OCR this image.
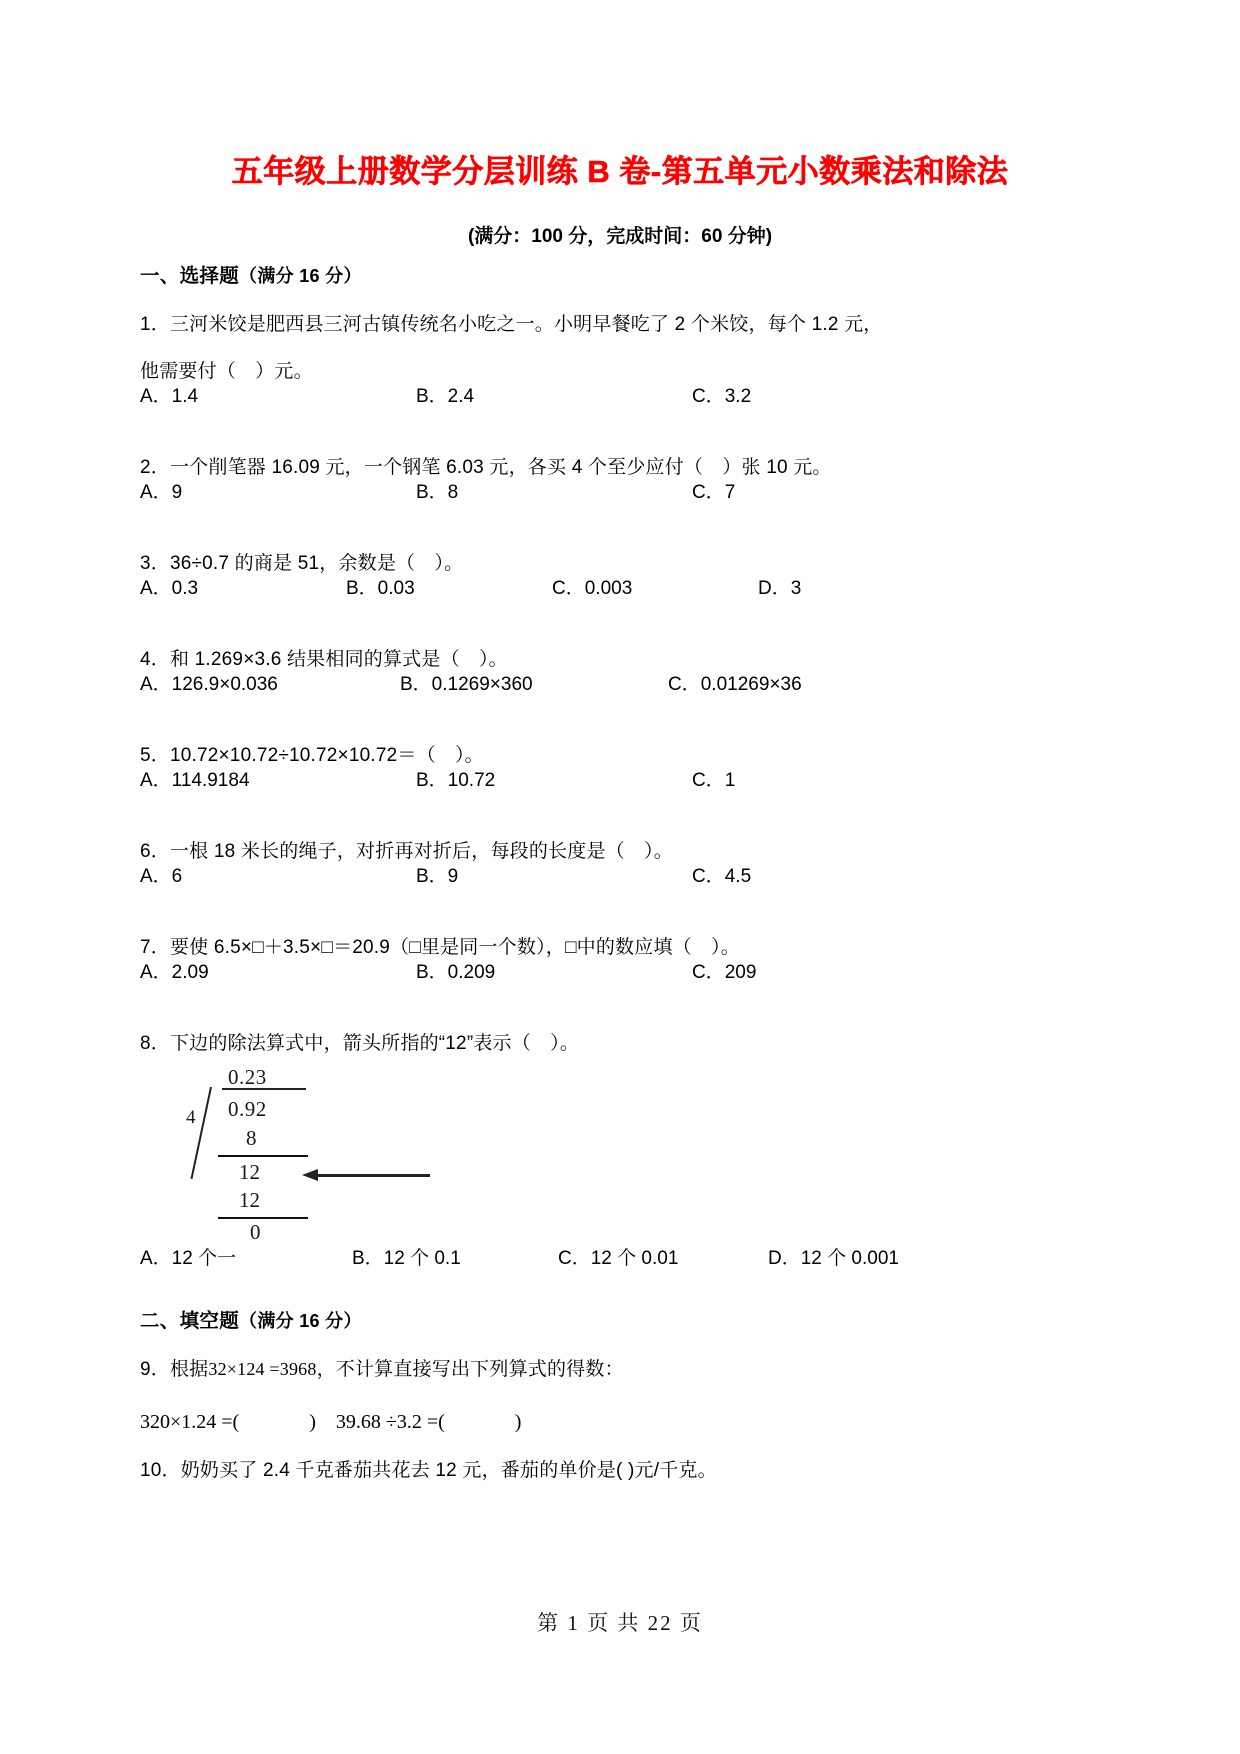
五年级上册数学分层训练 B 卷-第五单元小数乘法和除法
(满分：100 分，完成时间：60 分钟)
一、选择题（满分 16 分）
1．三河米饺是肥西县三河古镇传统名小吃之一。小明早餐吃了 2 个米饺，每个 1.2 元，
他需要付（　）元。
A．1.4	B．2.4	C．3.2
2．一个削笔器 16.09 元，一个钢笔 6.03 元，各买 4 个至少应付（　）张 10 元。
A．9	B．8	C．7
3．36÷0.7 的商是 51，余数是（　）。
A．0.3	B．0.03	C．0.003	D．3
4．和 1.269×3.6 结果相同的算式是（　）。
A．126.9×0.036	B．0.1269×360	C．0.01269×36
5．10.72×10.72÷10.72×10.72＝（　）。
A．114.9184	B．10.72	C．1
6．一根 18 米长的绳子，对折再对折后，每段的长度是（　）。
A．6	B．9	C．4.5
7．要使 6.5×□＋3.5×□＝20.9（□里是同一个数），□中的数应填（　）。
A．2.09	B．0.209	C．209
8．下边的除法算式中，箭头所指的“12”表示（　）。
4
0.23
0.92
8
12
12
0
A．12 个一	B．12 个 0.1	C．12 个 0.01	D．12 个 0.001
二、填空题（满分 16 分）
9．根据32×124 =3968，不计算直接写出下列算式的得数：
320×1.24 =(              )    39.68 ÷3.2 =(              )
10．奶奶买了 2.4 千克番茄共花去 12 元，番茄的单价是( )元/千克。
第 1 页 共 22 页
